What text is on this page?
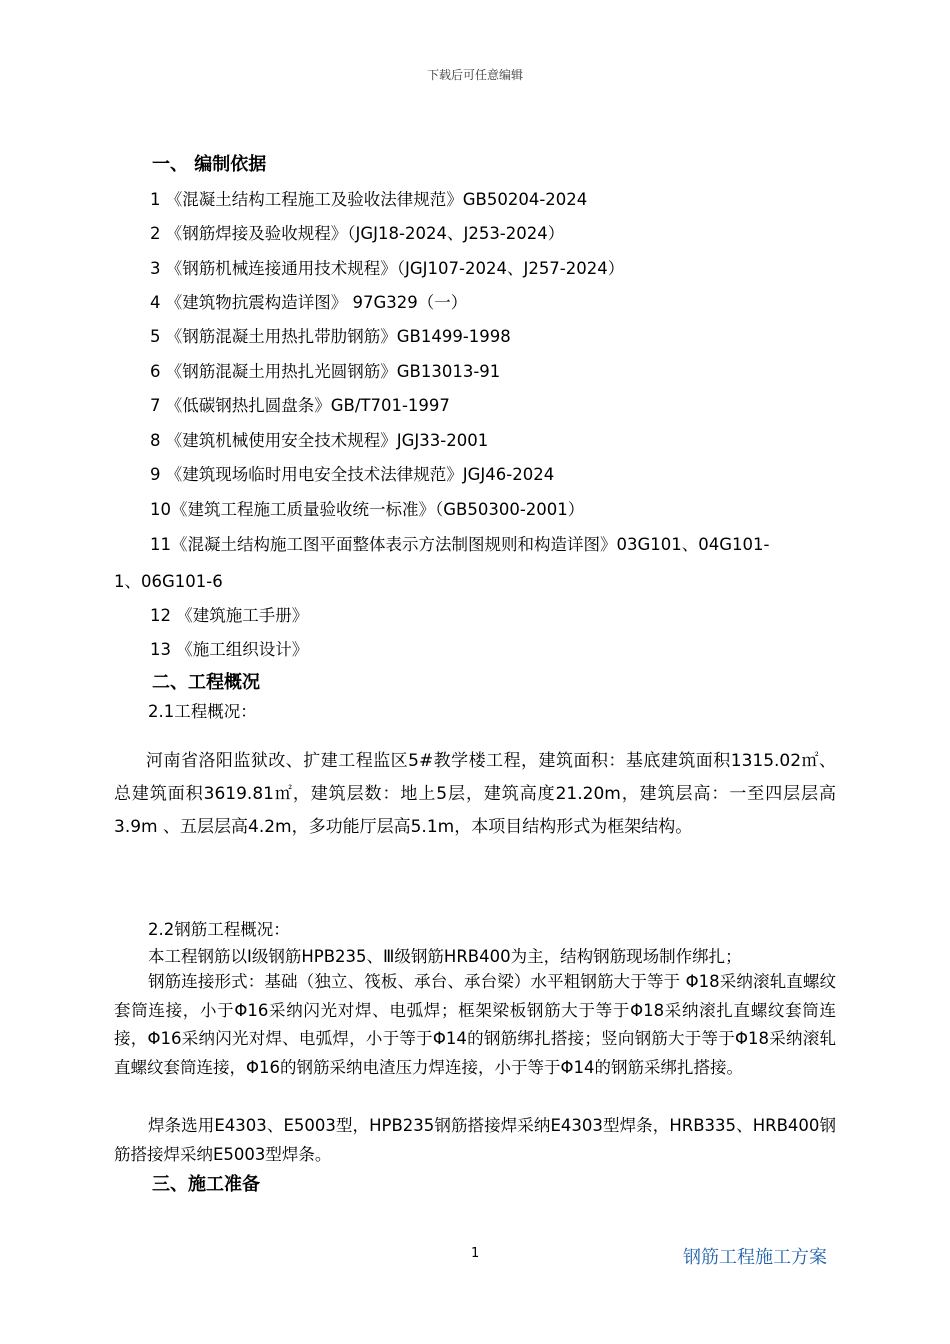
下载后可任意编辑
一、 编制依据
1 《混凝土结构工程施工及验收法律规范》GB50204-2024
2 《钢筋焊接及验收规程》（JGJ18-2024、J253-2024）
3 《钢筋机械连接通用技术规程》（JGJ107-2024、J257-2024）
4 《建筑物抗震构造详图》 97G329（一）
5 《钢筋混凝土用热扎带肋钢筋》GB1499-1998
6 《钢筋混凝土用热扎光圆钢筋》GB13013-91
7 《低碳钢热扎圆盘条》GB/T701-1997
8 《建筑机械使用安全技术规程》JGJ33-2001
9 《建筑现场临时用电安全技术法律规范》JGJ46-2024
10《建筑工程施工质量验收统一标准》（GB50300-2001）
11《混凝土结构施工图平面整体表示方法制图规则和构造详图》03G101、04G101-
1、06G101-6
12 《建筑施工手册》
13 《施工组织设计》
二、工程概况
2.1工程概况：
河南省洛阳监狱改、扩建工程监区5#教学楼工程，建筑面积：基底建筑面积1315.02㎡、总建筑面积3619.81㎡，建筑层数：地上5层，建筑高度21.20m，建筑层高：一至四层层高3.9m 、五层层高4.2m，多功能厅层高5.1m，本项目结构形式为框架结构。
2.2钢筋工程概况：
本工程钢筋以Ⅰ级钢筋HPB235、Ⅲ级钢筋HRB400为主，结构钢筋现场制作绑扎；
钢筋连接形式：基础（独立、筏板、承台、承台梁）水平粗钢筋大于等于 Φ18采纳滚轧直螺纹套筒连接，小于Φ16采纳闪光对焊、电弧焊；框架梁板钢筋大于等于Φ18采纳滚扎直螺纹套筒连接，Φ16采纳闪光对焊、电弧焊，小于等于Φ14的钢筋绑扎搭接；竖向钢筋大于等于Φ18采纳滚轧直螺纹套筒连接，Φ16的钢筋采纳电渣压力焊连接，小于等于Φ14的钢筋采绑扎搭接。
焊条选用E4303、E5003型，HPB235钢筋搭接焊采纳E4303型焊条，HRB335、HRB400钢筋搭接焊采纳E5003型焊条。
三、施工准备
1	钢筋工程施工方案
